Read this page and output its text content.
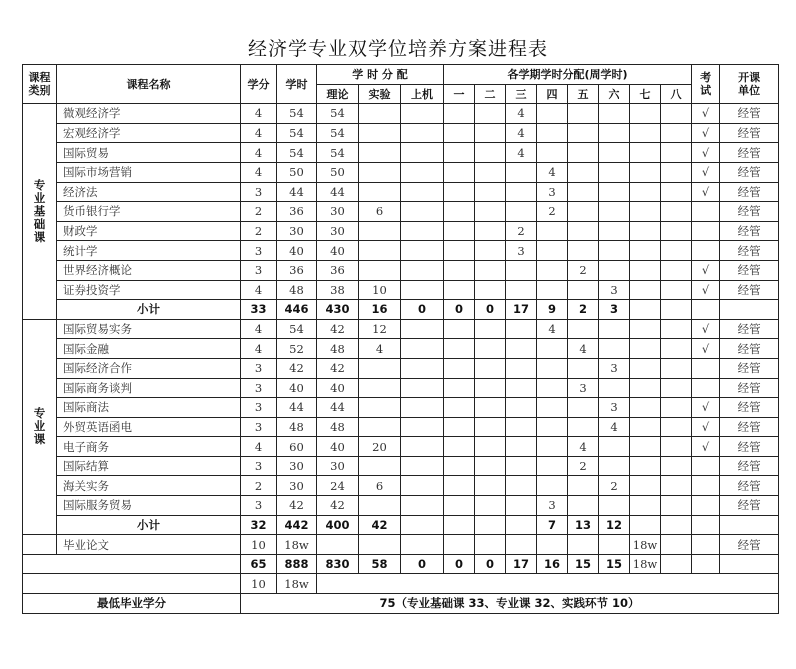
经济学专业双学位培养方案进程表
课程类别	课程名称	学分	学时	学 时 分 配			各学期学时分配(周学时)								考试	开课单位
				理论	实验	上机	一	二	三	四	五	六	七	八		
专业基础课	微观经济学	4	54	54					4						√	经管
	宏观经济学	4	54	54					4						√	经管
	国际贸易	4	54	54					4						√	经管
	国际市场营销	4	50	50						4					√	经管
	经济法	3	44	44						3					√	经管
	货币银行学	2	36	30	6					2						经管
	财政学	2	30	30					2							经管
	统计学	3	40	40					3							经管
	世界经济概论	3	36	36							2				√	经管
	证券投资学	4	48	38	10							3			√	经管
	小计	33	446	430	16	0	0	0	17	9	2	3				
专业课	国际贸易实务	4	54	42	12					4					√	经管
	国际金融	4	52	48	4						4				√	经管
	国际经济合作	3	42	42								3				经管
	国际商务谈判	3	40	40							3					经管
	国际商法	3	44	44								3			√	经管
	外贸英语函电	3	48	48								4			√	经管
	电子商务	4	60	40	20						4				√	经管
	国际结算	3	30	30							2					经管
	海关实务	2	30	24	6							2				经管
	国际服务贸易	3	42	42						3						经管
	小计	32	442	400	42					7	13	12				
	毕业论文	10	18w										18w			经管
		65	888	830	58	0	0	0	17	16	15	15	18w			
		10	18w													
最低毕业学分		75（专业基础课 33、专业课 32、实践环节 10）														
